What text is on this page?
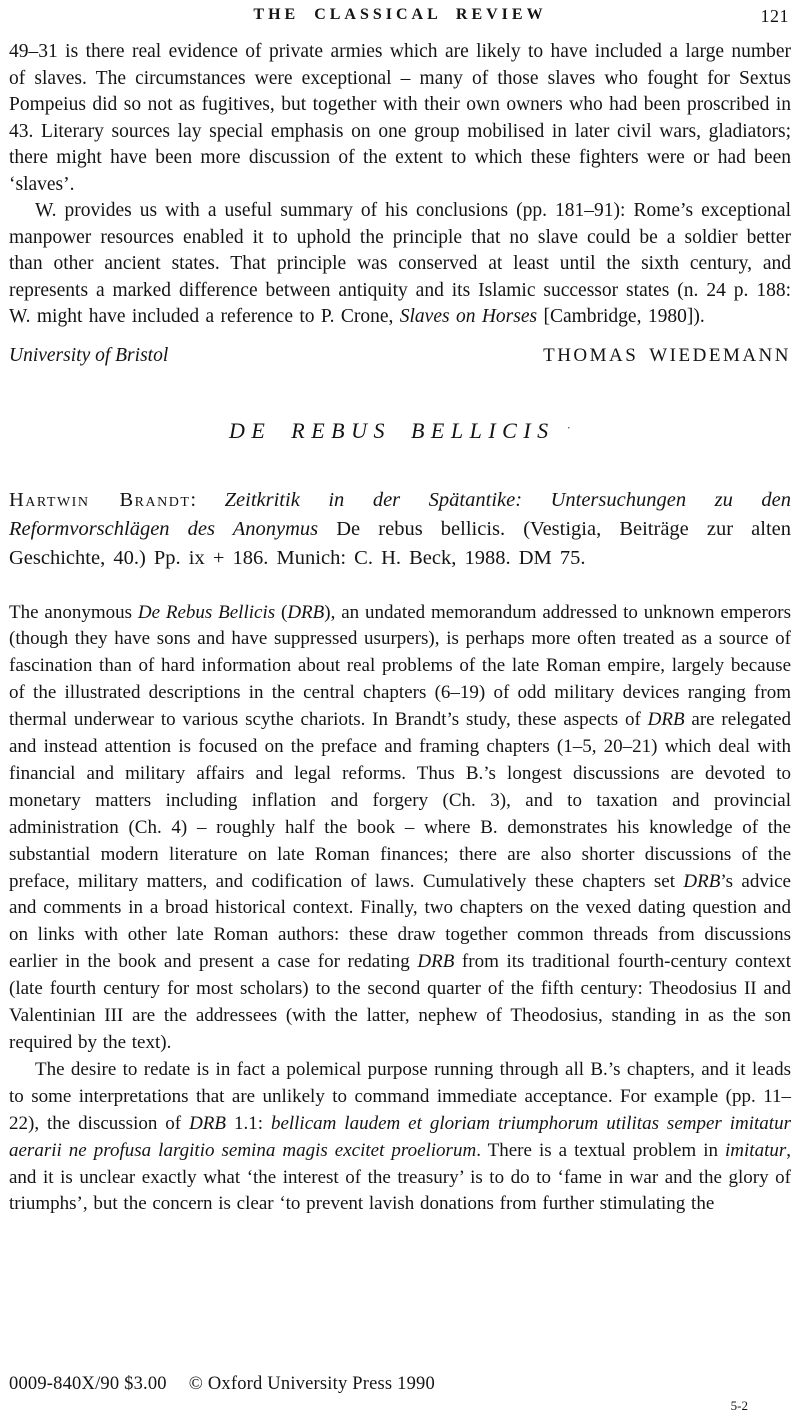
THE CLASSICAL REVIEW	121

49–31 is there real evidence of private armies which are likely to have included a large number of slaves. The circumstances were exceptional – many of those slaves who fought for Sextus Pompeius did so not as fugitives, but together with their own owners who had been proscribed in 43. Literary sources lay special emphasis on one group mobilised in later civil wars, gladiators; there might have been more discussion of the extent to which these fighters were or had been ‘slaves’.

W. provides us with a useful summary of his conclusions (pp. 181–91): Rome’s exceptional manpower resources enabled it to uphold the principle that no slave could be a soldier better than other ancient states. That principle was conserved at least until the sixth century, and represents a marked difference between antiquity and its Islamic successor states (n. 24 p. 188: W. might have included a reference to P. Crone, Slaves on Horses [Cambridge, 1980]).

University of Bristol	THOMAS WIEDEMANN
DE REBUS BELLICIS ·

Hartwin Brandt: Zeitkritik in der Spätantike: Untersuchungen zu den Reformvorschlägen des Anonymus De rebus bellicis. (Vestigia, Beiträge zur alten Geschichte, 40.) Pp. ix + 186. Munich: C. H. Beck, 1988. DM 75.

The anonymous De Rebus Bellicis (DRB), an undated memorandum addressed to unknown emperors (though they have sons and have suppressed usurpers), is perhaps more often treated as a source of fascination than of hard information about real problems of the late Roman empire, largely because of the illustrated descriptions in the central chapters (6–19) of odd military devices ranging from thermal underwear to various scythe chariots. In Brandt’s study, these aspects of DRB are relegated and instead attention is focused on the preface and framing chapters (1–5, 20–21) which deal with financial and military affairs and legal reforms. Thus B.’s longest discussions are devoted to monetary matters including inflation and forgery (Ch. 3), and to taxation and provincial administration (Ch. 4) – roughly half the book – where B. demonstrates his knowledge of the substantial modern literature on late Roman finances; there are also shorter discussions of the preface, military matters, and codification of laws. Cumulatively these chapters set DRB’s advice and comments in a broad historical context. Finally, two chapters on the vexed dating question and on links with other late Roman authors: these draw together common threads from discussions earlier in the book and present a case for redating DRB from its traditional fourth-century context (late fourth century for most scholars) to the second quarter of the fifth century: Theodosius II and Valentinian III are the addressees (with the latter, nephew of Theodosius, standing in as the son required by the text).

The desire to redate is in fact a polemical purpose running through all B.’s chapters, and it leads to some interpretations that are unlikely to command immediate acceptance. For example (pp. 11–22), the discussion of DRB 1.1: bellicam laudem et gloriam triumphorum utilitas semper imitatur aerarii ne profusa largitio semina magis excitet proeliorum. There is a textual problem in imitatur, and it is unclear exactly what ‘the interest of the treasury’ is to do to ‘fame in war and the glory of triumphs’, but the concern is clear ‘to prevent lavish donations from further stimulating the

0009-840X/90 $3.00 © Oxford University Press 1990
5-2
